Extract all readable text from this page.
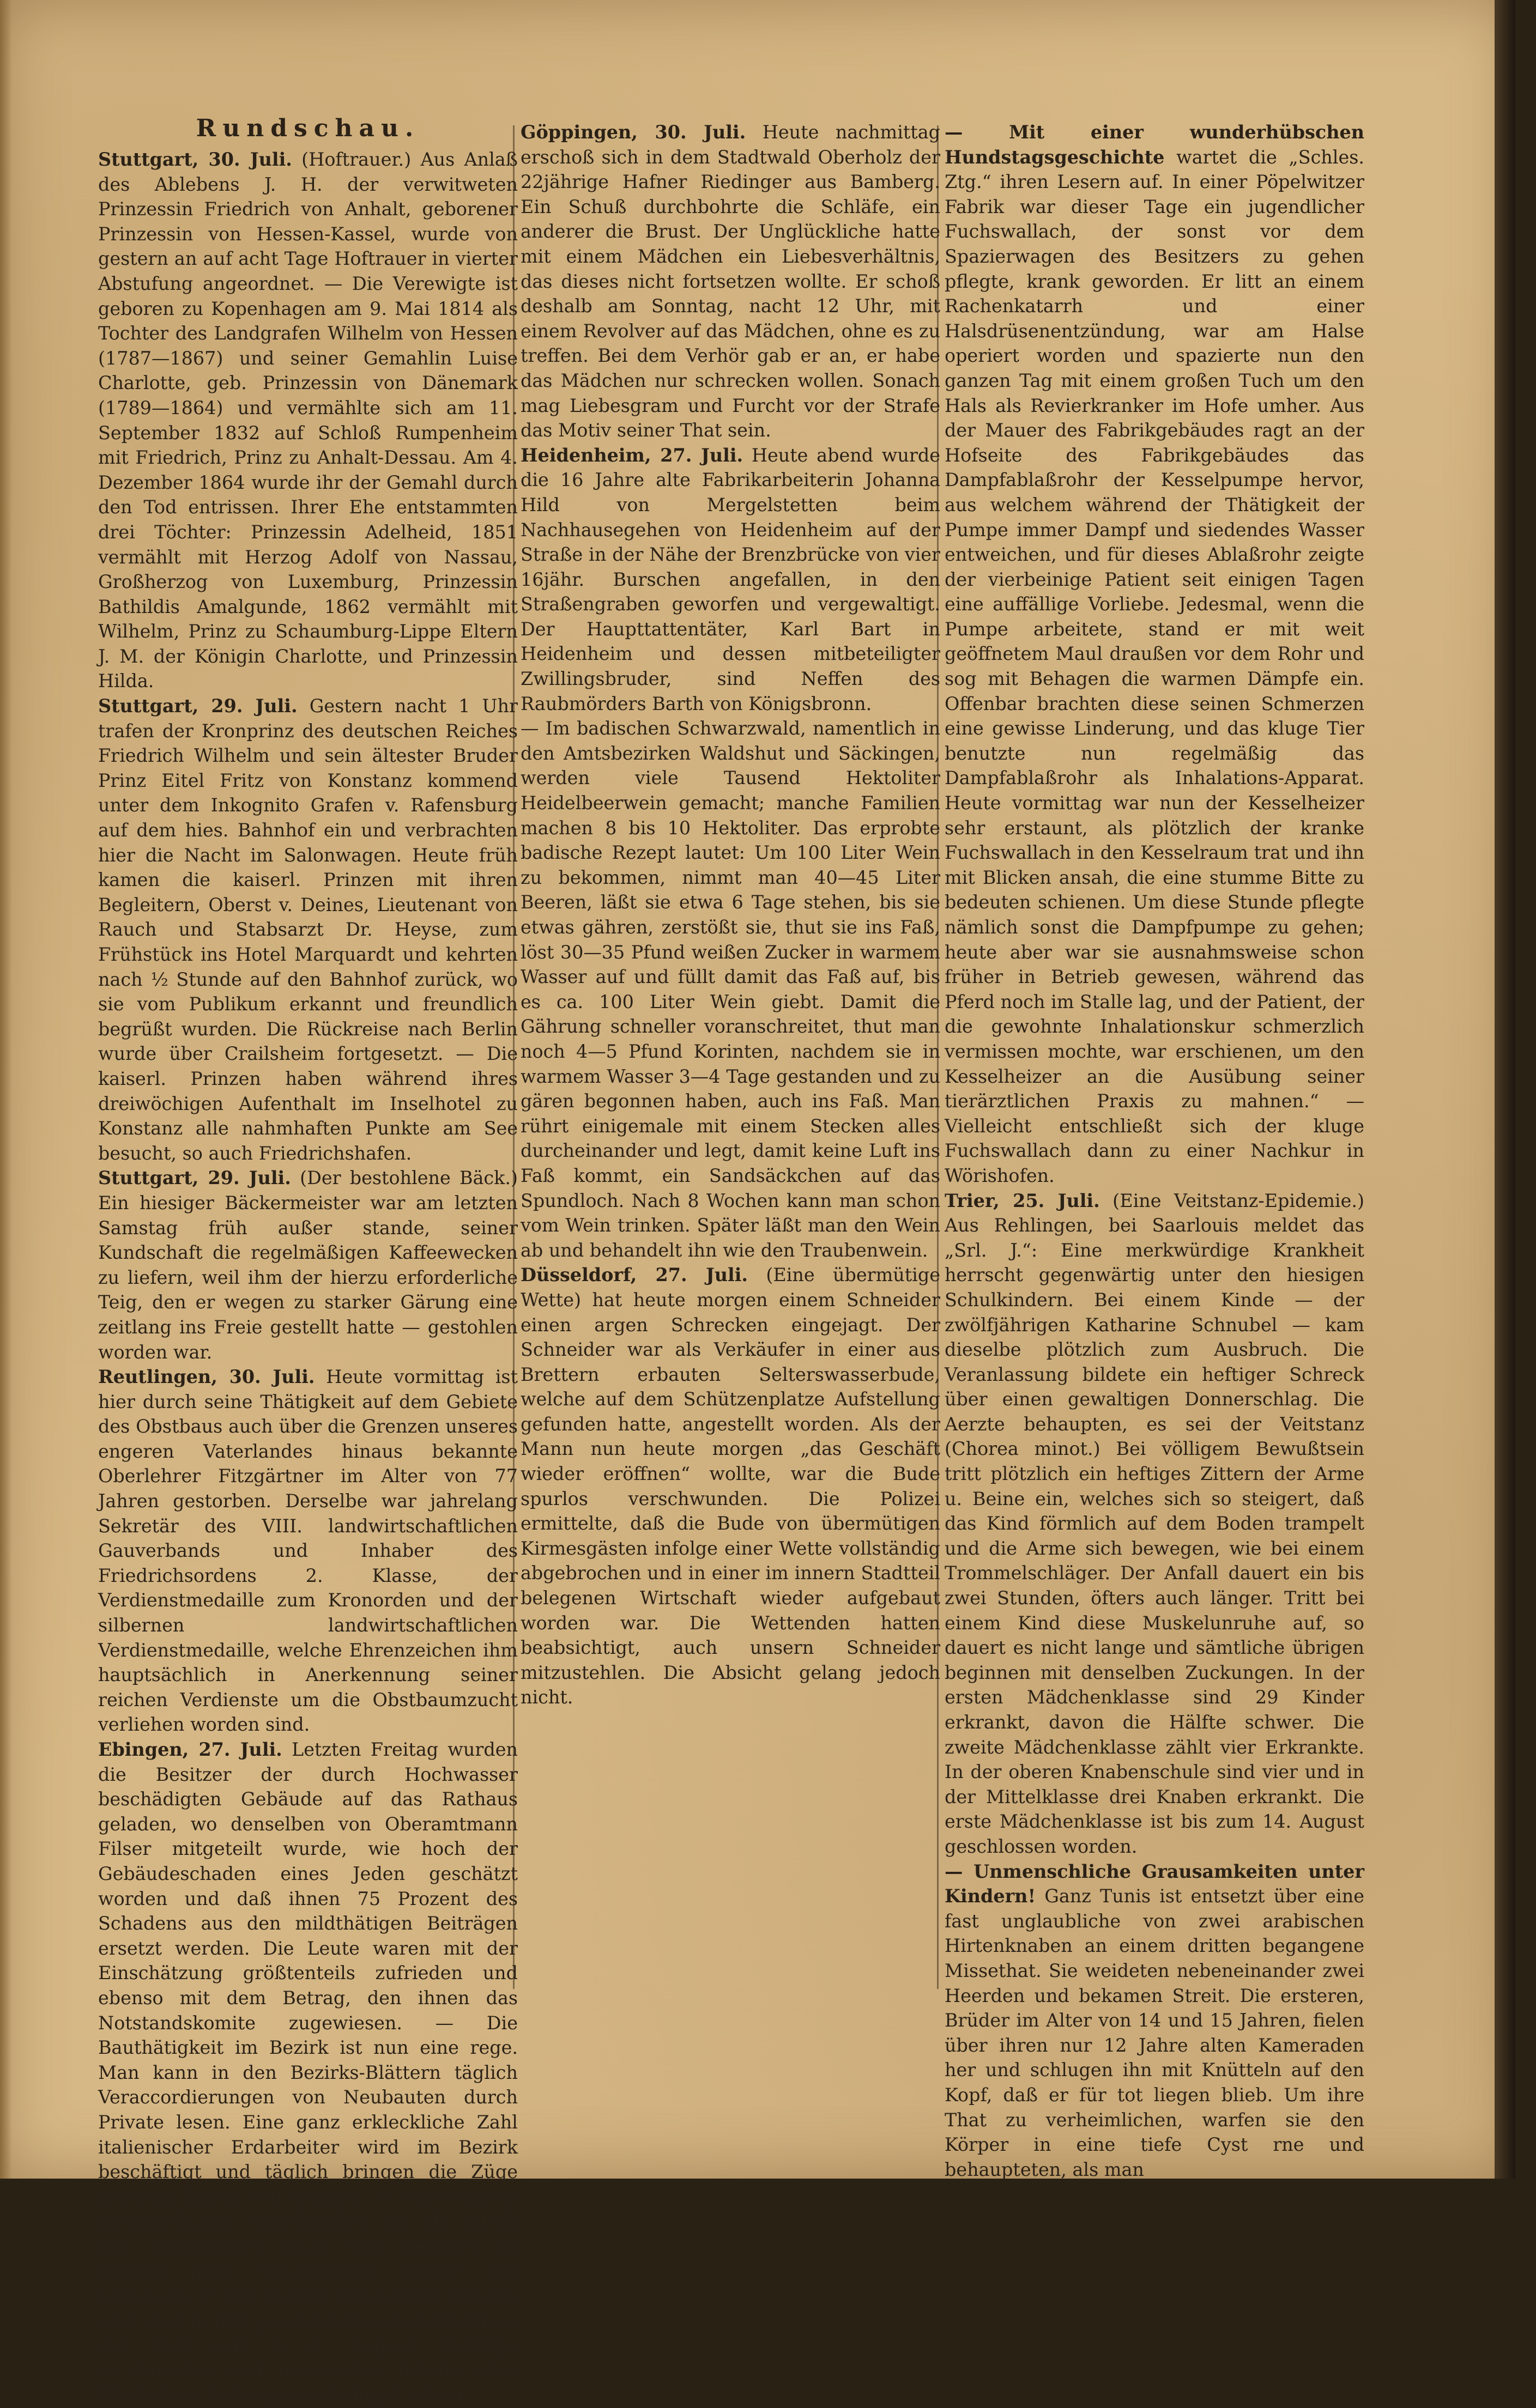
Rundschau.

Stuttgart, 30. Juli. (Hoftrauer.) Aus Anlaß des Ablebens J. H. der verwitweten Prinzessin Friedrich von Anhalt, geborener Prinzessin von Hessen-Kassel, wurde von gestern an auf acht Tage Hoftrauer in vierter Abstufung angeordnet. — Die Verewigte ist geboren zu Kopenhagen am 9. Mai 1814 als Tochter des Landgrafen Wilhelm von Hessen (1787—1867) und seiner Gemahlin Luise Charlotte, geb. Prinzessin von Dänemark (1789—1864) und vermählte sich am 11. September 1832 auf Schloß Rumpenheim mit Friedrich, Prinz zu Anhalt-Dessau. Am 4. Dezember 1864 wurde ihr der Gemahl durch den Tod entrissen. Ihrer Ehe entstammten drei Töchter: Prinzessin Adelheid, 1851 vermählt mit Herzog Adolf von Nassau, Großherzog von Luxemburg, Prinzessin Bathildis Amalgunde, 1862 vermählt mit Wilhelm, Prinz zu Schaumburg-Lippe Eltern J. M. der Königin Charlotte, und Prinzessin Hilda.

Stuttgart, 29. Juli. Gestern nacht 1 Uhr trafen der Kronprinz des deutschen Reiches Friedrich Wilhelm und sein ältester Bruder Prinz Eitel Fritz von Konstanz kommend unter dem Inkognito Grafen v. Rafensburg auf dem hies. Bahnhof ein und verbrachten hier die Nacht im Salonwagen. Heute früh kamen die kaiserl. Prinzen mit ihren Begleitern, Oberst v. Deines, Lieutenant von Rauch und Stabsarzt Dr. Heyse, zum Frühstück ins Hotel Marquardt und kehrten nach ½ Stunde auf den Bahnhof zurück, wo sie vom Publikum erkannt und freundlich begrüßt wurden. Die Rückreise nach Berlin wurde über Crailsheim fortgesetzt. — Die kaiserl. Prinzen haben während ihres dreiwöchigen Aufenthalt im Inselhotel zu Konstanz alle nahmhaften Punkte am See besucht, so auch Friedrichshafen.

Stuttgart, 29. Juli. (Der bestohlene Bäck.) Ein hiesiger Bäckermeister war am letzten Samstag früh außer stande, seiner Kundschaft die regelmäßigen Kaffeewecken zu liefern, weil ihm der hierzu erforderliche Teig, den er wegen zu starker Gärung eine zeitlang ins Freie gestellt hatte — gestohlen worden war.

Reutlingen, 30. Juli. Heute vormittag ist hier durch seine Thätigkeit auf dem Gebiete des Obstbaus auch über die Grenzen unseres engeren Vaterlandes hinaus bekannte Oberlehrer Fitzgärtner im Alter von 77 Jahren gestorben. Derselbe war jahrelang Sekretär des VIII. landwirtschaftlichen Gauverbands und Inhaber des Friedrichsordens 2. Klasse, der Verdienstmedaille zum Kronorden und der silbernen landwirtschaftlichen Verdienstmedaille, welche Ehrenzeichen ihm hauptsächlich in Anerkennung seiner reichen Verdienste um die Obstbaumzucht verliehen worden sind.

Ebingen, 27. Juli. Letzten Freitag wurden die Besitzer der durch Hochwasser beschädigten Gebäude auf das Rathaus geladen, wo denselben von Oberamtmann Filser mitgeteilt wurde, wie hoch der Gebäudeschaden eines Jeden geschätzt worden und daß ihnen 75 Prozent des Schadens aus den mildthätigen Beiträgen ersetzt werden. Die Leute waren mit der Einschätzung größtenteils zufrieden und ebenso mit dem Betrag, den ihnen das Notstandskomite zugewiesen. — Die Bauthätigkeit im Bezirk ist nun eine rege. Man kann in den Bezirks-Blättern täglich Veraccordierungen von Neubauten durch Private lesen. Eine ganz erkleckliche Zahl italienischer Erdarbeiter wird im Bezirk beschäftigt und täglich bringen die Züge frischen Zuzug von solchen. — Nach einem oberamtlichen Ausschreiben ist, da durch das Hochwasser auch viel Geflügel zu Grunde ging, Kollaborator Daiber aus Laupheim in den Bezirk abgeordnet worden und wird in den geschädigten Gemeinden in der Zeit vom 1.—6. August Vorträge belehrenden und beratenden Inhalts über Wiederbeschaffung von Geflügel halten.

Göppingen, 30. Juli. Heute nachmittag erschoß sich in dem Stadtwald Oberholz der 22jährige Hafner Riedinger aus Bamberg. Ein Schuß durchbohrte die Schläfe, ein anderer die Brust. Der Unglückliche hatte mit einem Mädchen ein Liebesverhältnis, das dieses nicht fortsetzen wollte. Er schoß deshalb am Sonntag, nacht 12 Uhr, mit einem Revolver auf das Mädchen, ohne es zu treffen. Bei dem Verhör gab er an, er habe das Mädchen nur schrecken wollen. Sonach mag Liebesgram und Furcht vor der Strafe das Motiv seiner That sein.

Heidenheim, 27. Juli. Heute abend wurde die 16 Jahre alte Fabrikarbeiterin Johanna Hild von Mergelstetten beim Nachhausegehen von Heidenheim auf der Straße in der Nähe der Brenzbrücke von vier 16jähr. Burschen angefallen, in den Straßengraben geworfen und vergewaltigt. Der Haupttattentäter, Karl Bart in Heidenheim und dessen mitbeteiligter Zwillingsbruder, sind Neffen des Raubmörders Barth von Königsbronn.

— Im badischen Schwarzwald, namentlich in den Amtsbezirken Waldshut und Säckingen, werden viele Tausend Hektoliter Heidelbeerwein gemacht; manche Familien machen 8 bis 10 Hektoliter. Das erprobte badische Rezept lautet: Um 100 Liter Wein zu bekommen, nimmt man 40—45 Liter Beeren, läßt sie etwa 6 Tage stehen, bis sie etwas gähren, zerstößt sie, thut sie ins Faß, löst 30—35 Pfund weißen Zucker in warmem Wasser auf und füllt damit das Faß auf, bis es ca. 100 Liter Wein giebt. Damit die Gährung schneller voranschreitet, thut man noch 4—5 Pfund Korinten, nachdem sie in warmem Wasser 3—4 Tage gestanden und zu gären begonnen haben, auch ins Faß. Man rührt einigemale mit einem Stecken alles durcheinander und legt, damit keine Luft ins Faß kommt, ein Sandsäckchen auf das Spundloch. Nach 8 Wochen kann man schon vom Wein trinken. Später läßt man den Wein ab und behandelt ihn wie den Traubenwein.

Düsseldorf, 27. Juli. (Eine übermütige Wette) hat heute morgen einem Schneider einen argen Schrecken eingejagt. Der Schneider war als Verkäufer in einer aus Brettern erbauten Selterswasserbude, welche auf dem Schützenplatze Aufstellung gefunden hatte, angestellt worden. Als der Mann nun heute morgen „das Geschäft wieder eröffnen“ wollte, war die Bude spurlos verschwunden. Die Polizei ermittelte, daß die Bude von übermütigen Kirmesgästen infolge einer Wette vollständig abgebrochen und in einer im innern Stadtteil belegenen Wirtschaft wieder aufgebaut worden war. Die Wettenden hatten beabsichtigt, auch unsern Schneider mitzustehlen. Die Absicht gelang jedoch nicht.

— Mit einer wunderhübschen Hundstagsgeschichte wartet die „Schles. Ztg.“ ihren Lesern auf. In einer Pöpelwitzer Fabrik war dieser Tage ein jugendlicher Fuchswallach, der sonst vor dem Spazierwagen des Besitzers zu gehen pflegte, krank geworden. Er litt an einem Rachenkatarrh und einer Halsdrüsenentzündung, war am Halse operiert worden und spazierte nun den ganzen Tag mit einem großen Tuch um den Hals als Revierkranker im Hofe umher. Aus der Mauer des Fabrikgebäudes ragt an der Hofseite des Fabrikgebäudes das Dampfablaßrohr der Kesselpumpe hervor, aus welchem während der Thätigkeit der Pumpe immer Dampf und siedendes Wasser entweichen, und für dieses Ablaßrohr zeigte der vierbeinige Patient seit einigen Tagen eine auffällige Vorliebe. Jedesmal, wenn die Pumpe arbeitete, stand er mit weit geöffnetem Maul draußen vor dem Rohr und sog mit Behagen die warmen Dämpfe ein. Offenbar brachten diese seinen Schmerzen eine gewisse Linderung, und das kluge Tier benutzte nun regelmäßig das Dampfablaßrohr als Inhalations-Apparat. Heute vormittag war nun der Kesselheizer sehr erstaunt, als plötzlich der kranke Fuchswallach in den Kesselraum trat und ihn mit Blicken ansah, die eine stumme Bitte zu bedeuten schienen. Um diese Stunde pflegte nämlich sonst die Dampfpumpe zu gehen; heute aber war sie ausnahmsweise schon früher in Betrieb gewesen, während das Pferd noch im Stalle lag, und der Patient, der die gewohnte Inhalationskur schmerzlich vermissen mochte, war erschienen, um den Kesselheizer an die Ausübung seiner tierärztlichen Praxis zu mahnen.“ — Vielleicht entschließt sich der kluge Fuchswallach dann zu einer Nachkur in Wörishofen.

Trier, 25. Juli. (Eine Veitstanz-Epidemie.) Aus Rehlingen, bei Saarlouis meldet das „Srl. J.“: Eine merkwürdige Krankheit herrscht gegenwärtig unter den hiesigen Schulkindern. Bei einem Kinde — der zwölfjährigen Katharine Schnubel — kam dieselbe plötzlich zum Ausbruch. Die Veranlassung bildete ein heftiger Schreck über einen gewaltigen Donnerschlag. Die Aerzte behaupten, es sei der Veitstanz (Chorea minot.) Bei völligem Bewußtsein tritt plötzlich ein heftiges Zittern der Arme u. Beine ein, welches sich so steigert, daß das Kind förmlich auf dem Boden trampelt und die Arme sich bewegen, wie bei einem Trommelschläger. Der Anfall dauert ein bis zwei Stunden, öfters auch länger. Tritt bei einem Kind diese Muskelunruhe auf, so dauert es nicht lange und sämtliche übrigen beginnen mit denselben Zuckungen. In der ersten Mädchenklasse sind 29 Kinder erkrankt, davon die Hälfte schwer. Die zweite Mädchenklasse zählt vier Erkrankte. In der oberen Knabenschule sind vier und in der Mittelklasse drei Knaben erkrankt. Die erste Mädchenklasse ist bis zum 14. August geschlossen worden.

— Unmenschliche Grausamkeiten unter Kindern! Ganz Tunis ist entsetzt über eine fast unglaubliche von zwei arabischen Hirtenknaben an einem dritten begangene Missethat. Sie weideten nebeneinander zwei Heerden und bekamen Streit. Die ersteren, Brüder im Alter von 14 und 15 Jahren, fielen über ihren nur 12 Jahre alten Kameraden her und schlugen ihn mit Knütteln auf den Kopf, daß er für tot liegen blieb. Um ihre That zu verheimlichen, warfen sie den Körper in eine tiefe Cyst rne und behaupteten, als man
